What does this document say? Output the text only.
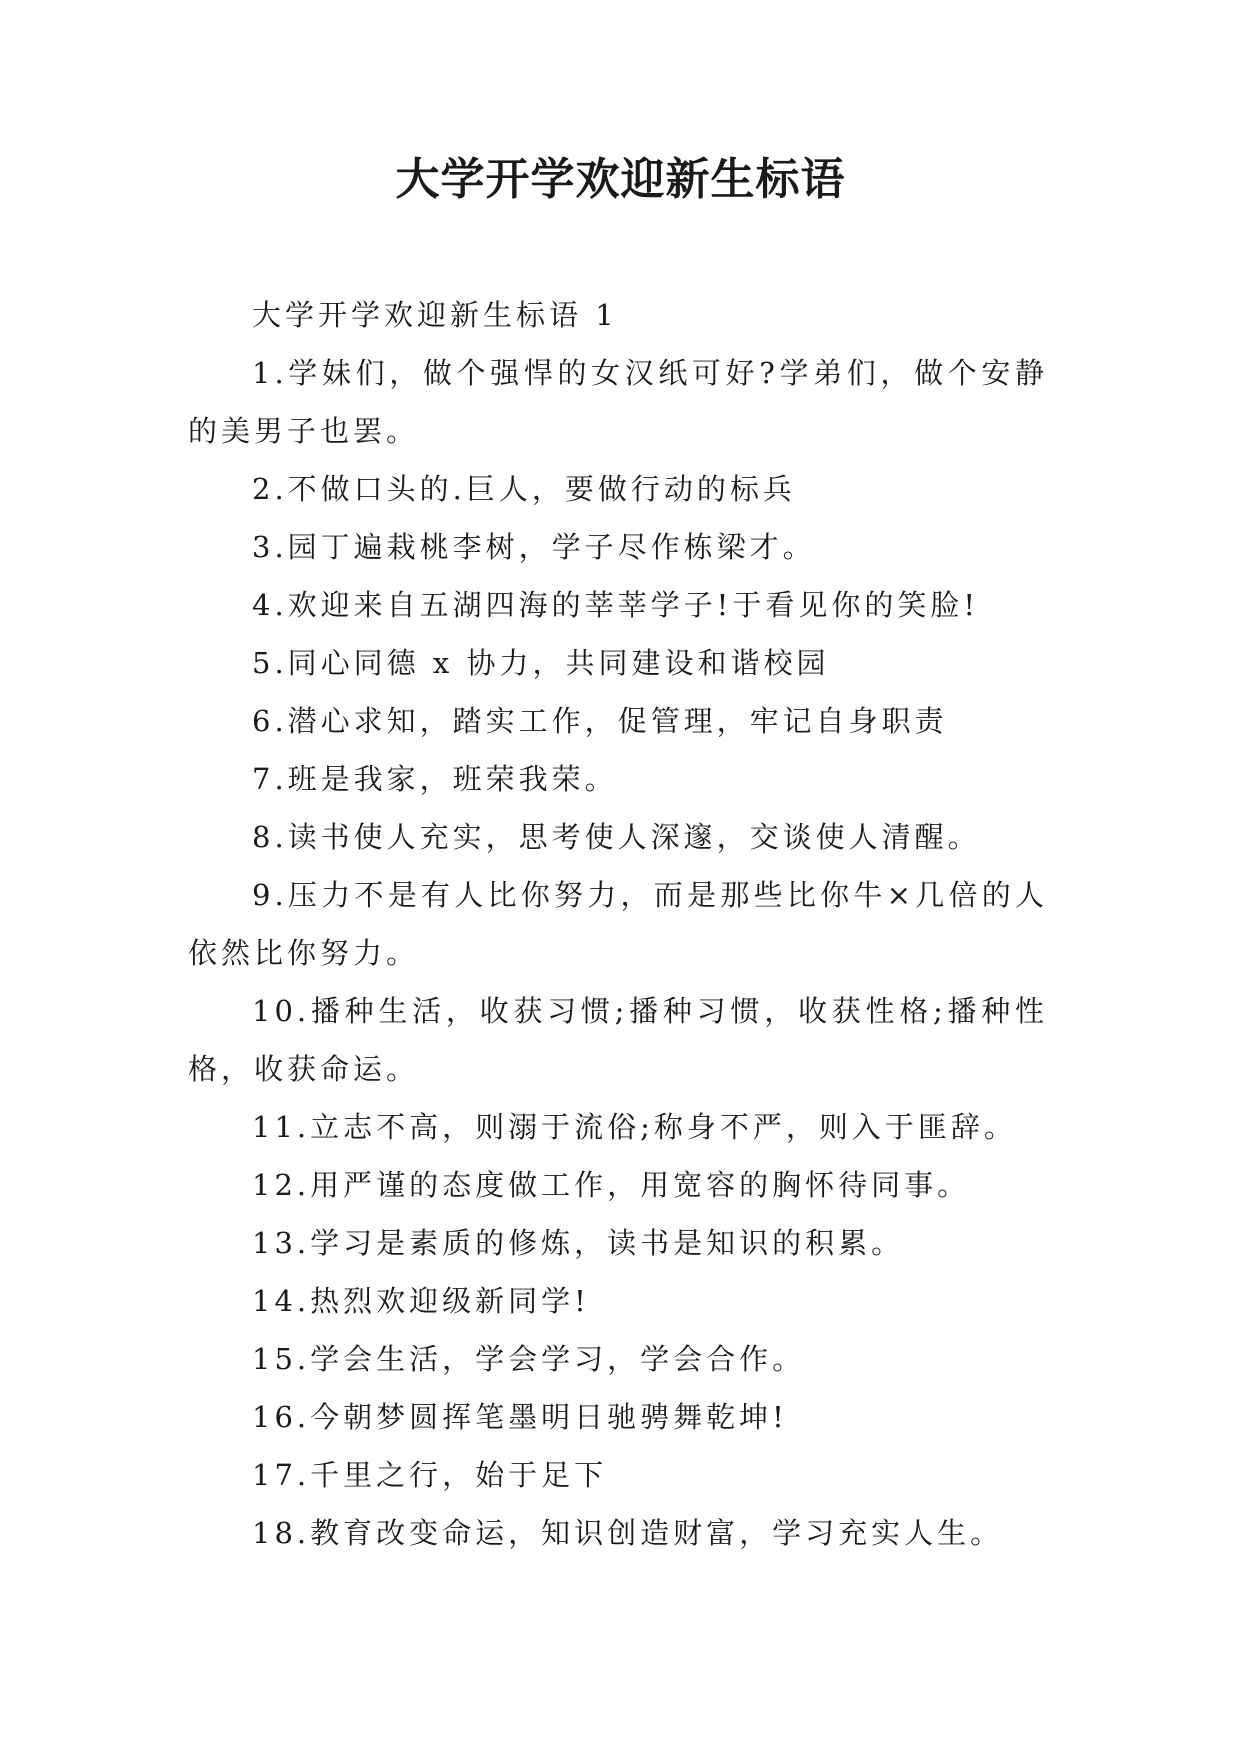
大学开学欢迎新生标语

大学开学欢迎新生标语 1

1.学妹们，做个强悍的女汉纸可好?学弟们，做个安静的美男子也罢。

2.不做口头的.巨人，要做行动的标兵

3.园丁遍栽桃李树，学子尽作栋梁才。

4.欢迎来自五湖四海的莘莘学子!于看见你的笑脸!

5.同心同德 x 协力，共同建设和谐校园

6.潜心求知，踏实工作，促管理，牢记自身职责

7.班是我家，班荣我荣。

8.读书使人充实，思考使人深邃，交谈使人清醒。

9.压力不是有人比你努力，而是那些比你牛×几倍的人依然比你努力。

10.播种生活，收获习惯;播种习惯，收获性格;播种性格，收获命运。

11.立志不高，则溺于流俗;称身不严，则入于匪辞。

12.用严谨的态度做工作，用宽容的胸怀待同事。

13.学习是素质的修炼，读书是知识的积累。

14.热烈欢迎级新同学!

15.学会生活，学会学习，学会合作。

16.今朝梦圆挥笔墨明日驰骋舞乾坤!

17.千里之行，始于足下

18.教育改变命运，知识创造财富，学习充实人生。
